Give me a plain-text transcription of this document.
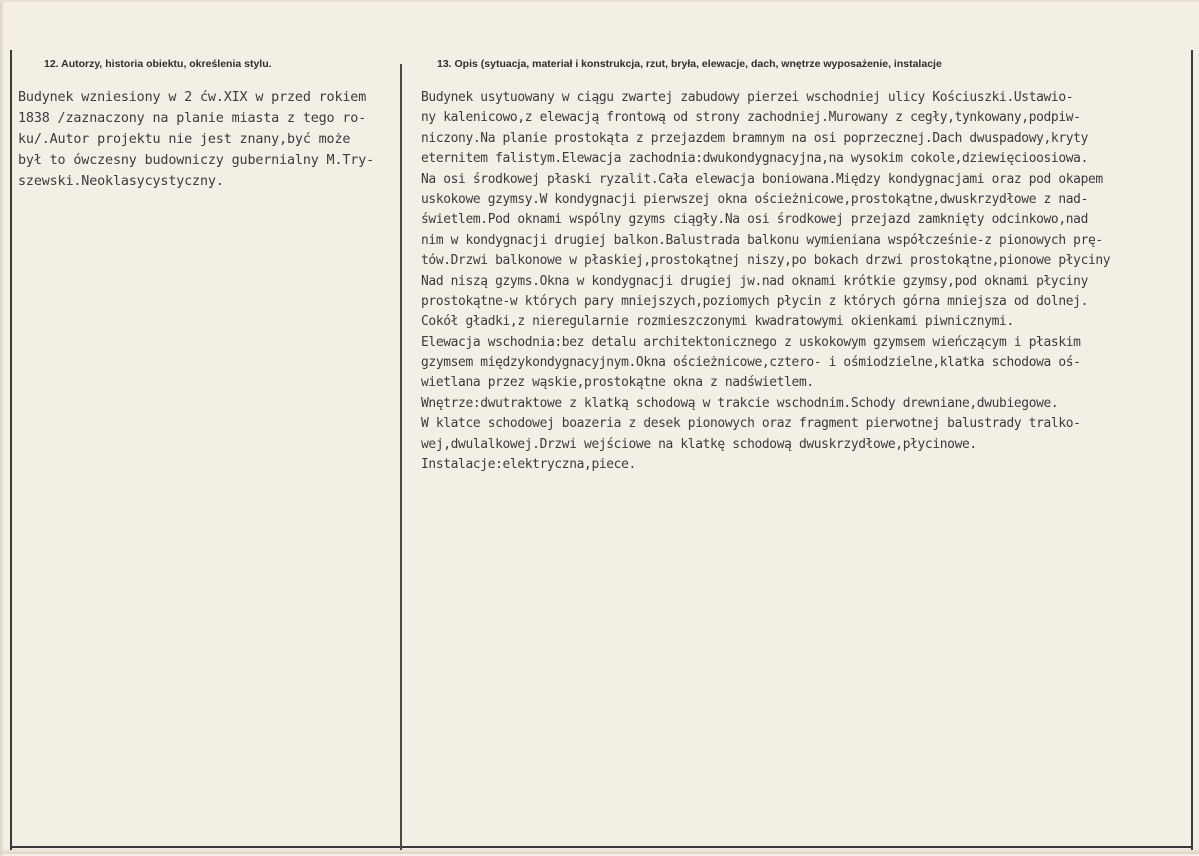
12. Autorzy, historia obiektu, określenia stylu.	13. Opis (sytuacja, materiał i konstrukcja, rzut, bryła, elewacje, dach, wnętrze wyposażenie, instalacje
Budynek wzniesiony w 2 ćw.XIX w przed rokiem
1838 /zaznaczony na planie miasta z tego ro-
ku/.Autor projektu nie jest znany,być może
był to ówczesny budowniczy gubernialny M.Try-
szewski.Neoklasycystyczny.
Budynek usytuowany w ciągu zwartej zabudowy pierzei wschodniej ulicy Kościuszki.Ustawio-
ny kalenicowo,z elewacją frontową od strony zachodniej.Murowany z cegły,tynkowany,podpiw-
niczony.Na planie prostokąta z przejazdem bramnym na osi poprzecznej.Dach dwuspadowy,kryty
eternitem falistym.Elewacja zachodnia:dwukondygnacyjna,na wysokim cokole,dziewięcioosiowa.
Na osi środkowej płaski ryzalit.Cała elewacja boniowana.Między kondygnacjami oraz pod okapem
uskokowe gzymsy.W kondygnacji pierwszej okna ościeżnicowe,prostokątne,dwuskrzydłowe z nad-
świetlem.Pod oknami wspólny gzyms ciągły.Na osi środkowej przejazd zamknięty odcinkowo,nad
nim w kondygnacji drugiej balkon.Balustrada balkonu wymieniana współcześnie-z pionowych prę-
tów.Drzwi balkonowe w płaskiej,prostokątnej niszy,po bokach drzwi prostokątne,pionowe płyciny
Nad niszą gzyms.Okna w kondygnacji drugiej jw.nad oknami krótkie gzymsy,pod oknami płyciny
prostokątne-w których pary mniejszych,poziomych płycin z których górna mniejsza od dolnej.
Cokół gładki,z nieregularnie rozmieszczonymi kwadratowymi okienkami piwnicznymi.
Elewacja wschodnia:bez detalu architektonicznego z uskokowym gzymsem wieńczącym i płaskim
gzymsem międzykondygnacyjnym.Okna ościeżnicowe,cztero- i ośmiodzielne,klatka schodowa oś-
wietlana przez wąskie,prostokątne okna z nadświetlem.
Wnętrze:dwutraktowe z klatką schodową w trakcie wschodnim.Schody drewniane,dwubiegowe.
W klatce schodowej boazeria z desek pionowych oraz fragment pierwotnej balustrady tralko-
wej,dwulalkowej.Drzwi wejściowe na klatkę schodową dwuskrzydłowe,płycinowe.
Instalacje:elektryczna,piece.
